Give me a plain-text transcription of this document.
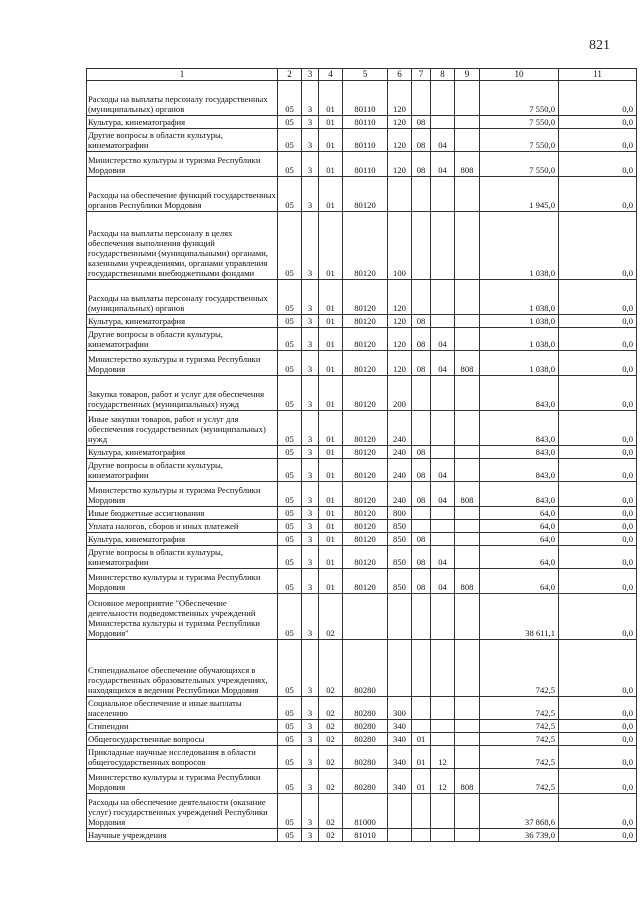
821
1	2	3	4	5	6	7	8	9	10	11
Расходы на выплаты персоналу государственных (муниципальных) органов	05	3	01	80110	120				7 550,0	0,0
Культура, кинематография	05	3	01	80110	120	08			7 550,0	0,0
Другие вопросы в области культуры, кинематографии	05	3	01	80110	120	08	04		7 550,0	0,0
Министерство культуры и туризма Республики Мордовия	05	3	01	80110	120	08	04	808	7 550,0	0,0
Расходы на обеспечение функций государственных органов Республики Мордовия	05	3	01	80120					1 945,0	0,0
Расходы на выплаты персоналу в целях обеспечения выполнения функций государственными (муниципальными) органами, казенными учреждениями, органами управления государственными внебюджетными фондами	05	3	01	80120	100				1 038,0	0,0
Расходы на выплаты персоналу государственных (муниципальных) органов	05	3	01	80120	120				1 038,0	0,0
Культура, кинематография	05	3	01	80120	120	08			1 038,0	0,0
Другие вопросы в области культуры, кинематографии	05	3	01	80120	120	08	04		1 038,0	0,0
Министерство культуры и туризма Республики Мордовия	05	3	01	80120	120	08	04	808	1 038,0	0,0
Закупка товаров, работ и услуг для обеспечения государственных (муниципальных) нужд	05	3	01	80120	200				843,0	0,0
Иные закупки товаров, работ и услуг для обеспечения государственных (муниципальных) нужд	05	3	01	80120	240				843,0	0,0
Культура, кинематография	05	3	01	80120	240	08			843,0	0,0
Другие вопросы в области культуры, кинематографии	05	3	01	80120	240	08	04		843,0	0,0
Министерство культуры и туризма Республики Мордовия	05	3	01	80120	240	08	04	808	843,0	0,0
Иные бюджетные ассигнования	05	3	01	80120	800				64,0	0,0
Уплата налогов, сборов и иных платежей	05	3	01	80120	850				64,0	0,0
Культура, кинематография	05	3	01	80120	850	08			64,0	0,0
Другие вопросы в области культуры, кинематографии	05	3	01	80120	850	08	04		64,0	0,0
Министерство культуры и туризма Республики Мордовия	05	3	01	80120	850	08	04	808	64,0	0,0
Основное мероприятие "Обеспечение деятельности подведомственных учреждений Министерства культуры и туризма Республики Мордовия"	05	3	02						38 611,1	0,0
Стипендиальное обеспечение обучающихся в государственных образовательных учреждениях, находящихся в ведении Республики Мордовия	05	3	02	80280					742,5	0,0
Социальное обеспечение и иные выплаты населению	05	3	02	80280	300				742,5	0,0
Стипендии	05	3	02	80280	340				742,5	0,0
Общегосударственные вопросы	05	3	02	80280	340	01			742,5	0,0
Прикладные научные исследования в области общегосударственных вопросов	05	3	02	80280	340	01	12		742,5	0,0
Министерство культуры и туризма Республики Мордовия	05	3	02	80280	340	01	12	808	742,5	0,0
Расходы на обеспечение деятельности (оказание услуг) государственных учреждений Республики Мордовия	05	3	02	81000					37 868,6	0,0
Научные учреждения	05	3	02	81010					36 739,0	0,0
